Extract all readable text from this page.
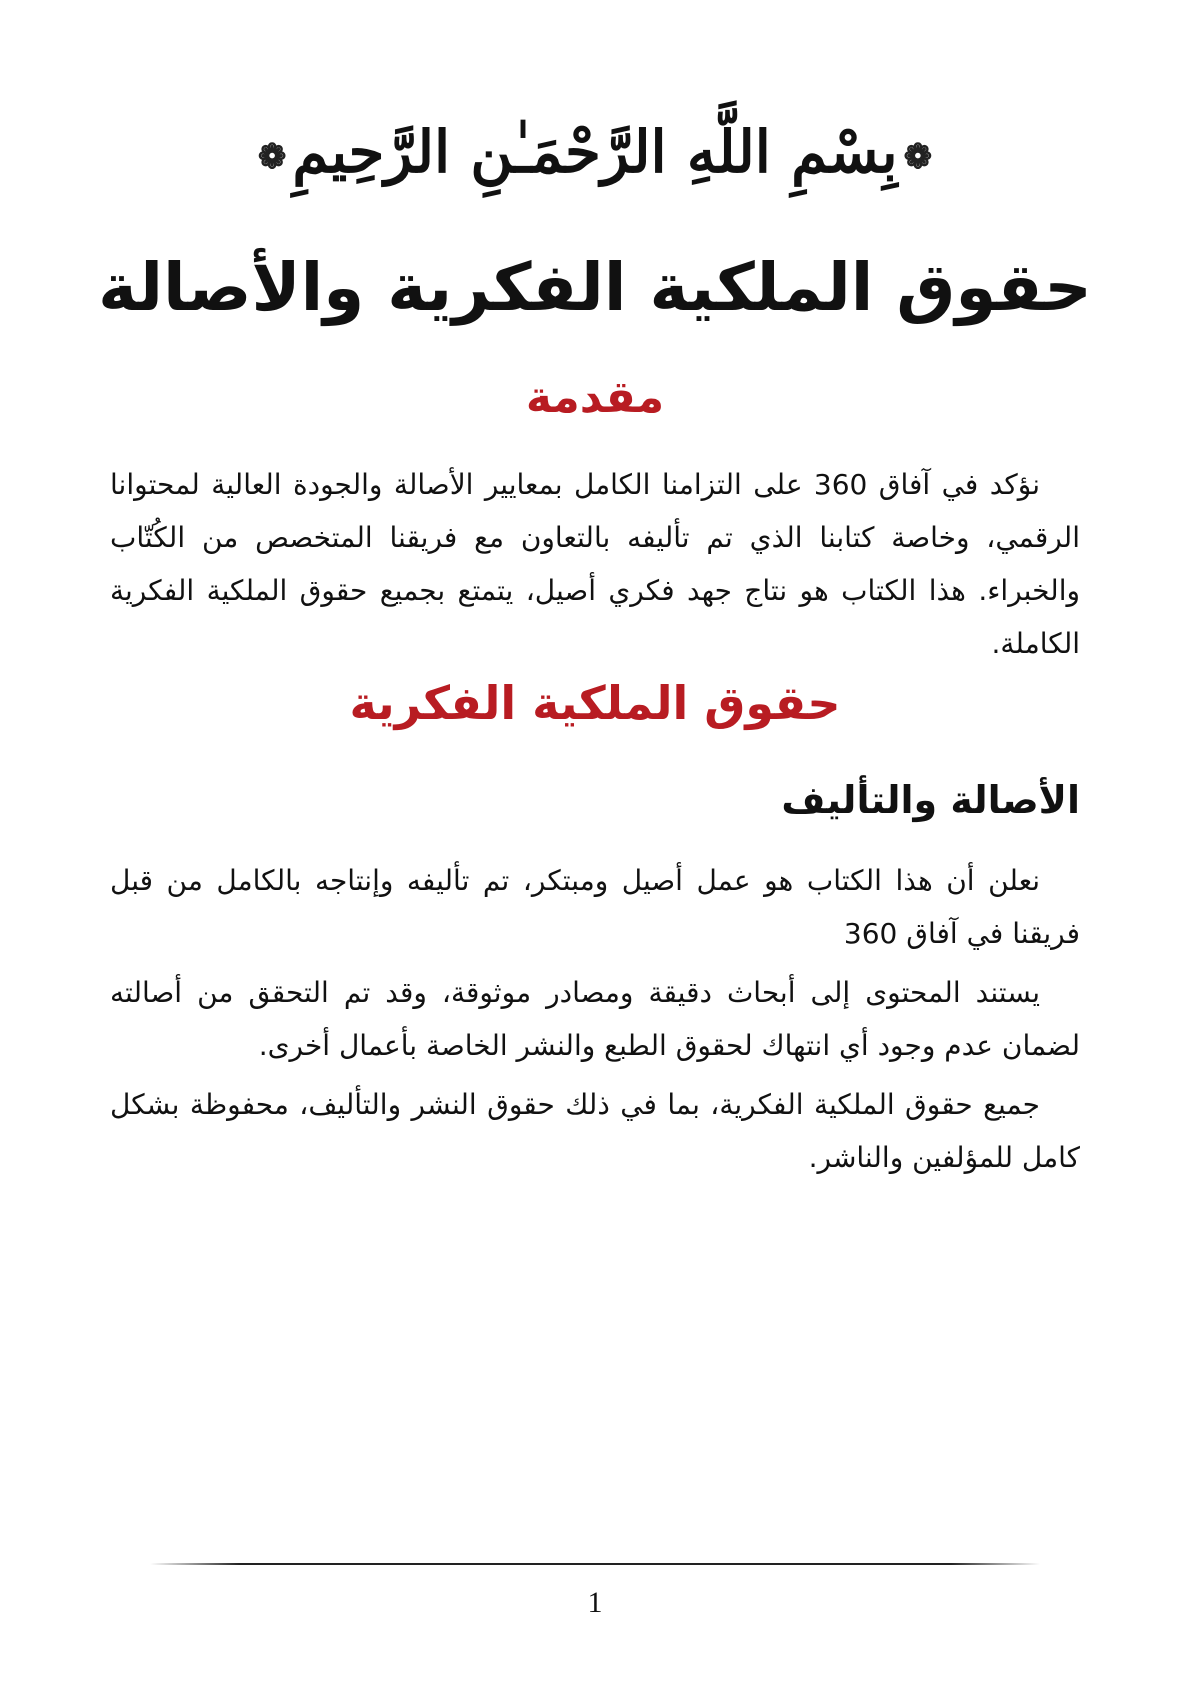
❁بِسْمِ اللَّهِ الرَّحْمَـٰنِ الرَّحِيمِ❁
حقوق الملكية الفكرية والأصالة
مقدمة

نؤكد في آفاق 360 على التزامنا الكامل بمعايير الأصالة والجودة العالية لمحتوانا الرقمي، وخاصة كتابنا الذي تم تأليفه بالتعاون مع فريقنا المتخصص من الكُتّاب والخبراء. هذا الكتاب هو نتاج جهد فكري أصيل، يتمتع بجميع حقوق الملكية الفكرية الكاملة.

حقوق الملكية الفكرية
الأصالة والتأليف

نعلن أن هذا الكتاب هو عمل أصيل ومبتكر، تم تأليفه وإنتاجه بالكامل من قبل فريقنا في آفاق 360

يستند المحتوى إلى أبحاث دقيقة ومصادر موثوقة، وقد تم التحقق من أصالته لضمان عدم وجود أي انتهاك لحقوق الطبع والنشر الخاصة بأعمال أخرى.

جميع حقوق الملكية الفكرية، بما في ذلك حقوق النشر والتأليف، محفوظة بشكل كامل للمؤلفين والناشر.

1
